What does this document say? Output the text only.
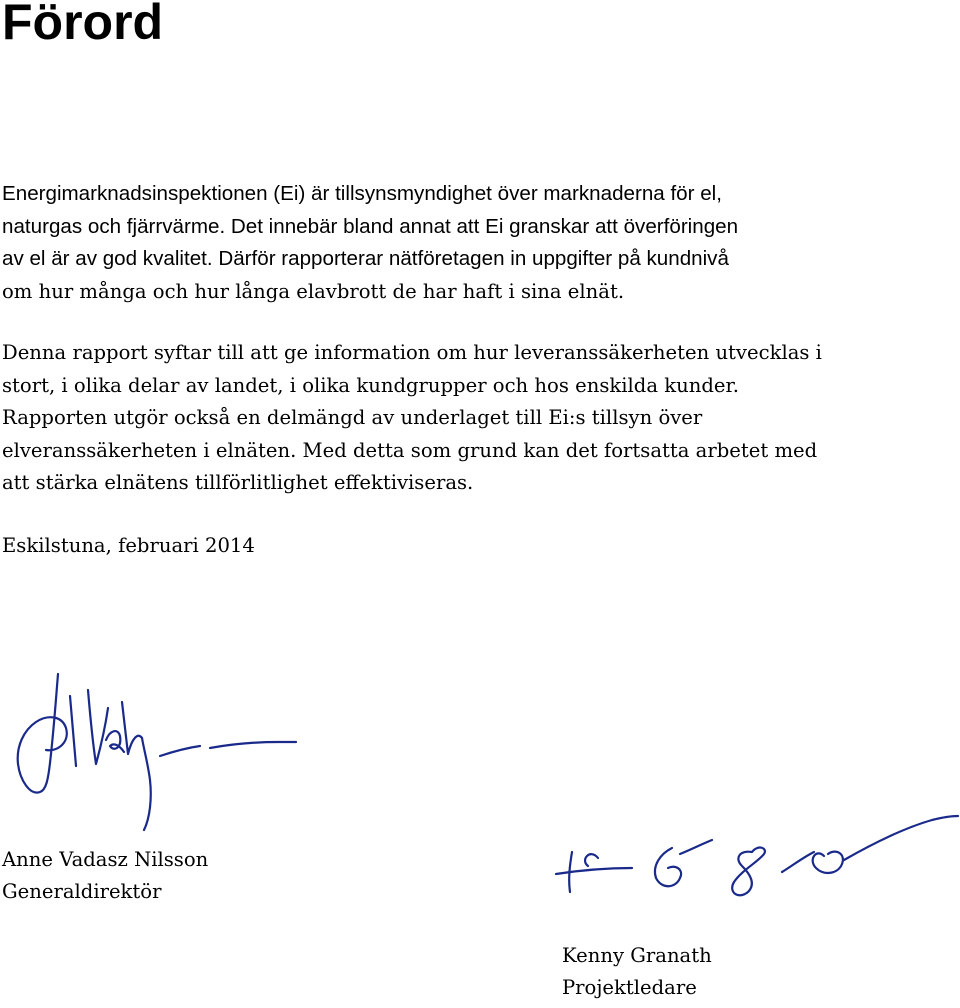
Förord

Energimarknadsinspektionen (Ei) är tillsynsmyndighet över marknaderna för el,
naturgas och fjärrvärme. Det innebär bland annat att Ei granskar att överföringen
av el är av god kvalitet. Därför rapporterar nätföretagen in uppgifter på kundnivå
om hur många och hur långa elavbrott de har haft i sina elnät.

Denna rapport syftar till att ge information om hur leveranssäkerheten utvecklas i
stort, i olika delar av landet, i olika kundgrupper och hos enskilda kunder.
Rapporten utgör också en delmängd av underlaget till Ei:s tillsyn över
elveranssäkerheten i elnäten. Med detta som grund kan det fortsatta arbetet med
att stärka elnätens tillförlitlighet effektiviseras.

Eskilstuna, februari 2014

Anne Vadasz Nilsson
Generaldirektör
Kenny Granath
Projektledare
